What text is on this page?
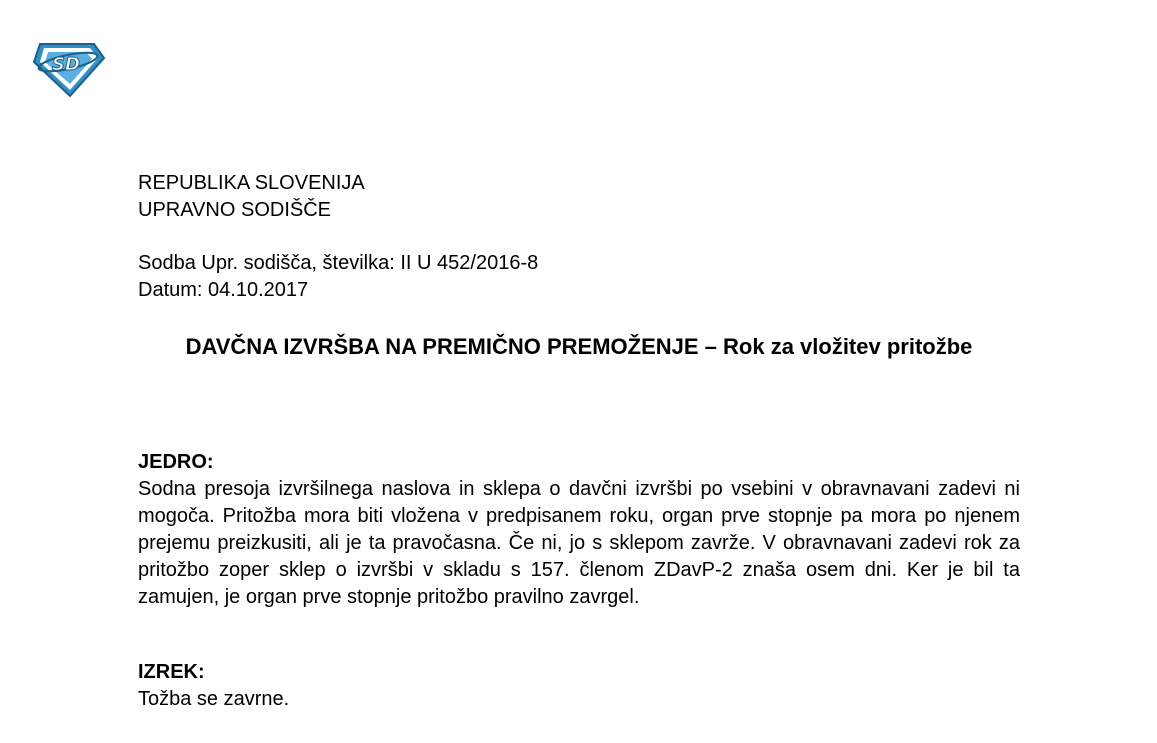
SD
REPUBLIKA SLOVENIJA
UPRAVNO SODIŠČE
Sodba Upr. sodišča, številka: II U 452/2016-8
Datum: 04.10.2017
DAVČNA IZVRŠBA NA PREMIČNO PREMOŽENJE – Rok za vložitev pritožbe
JEDRO:

Sodna presoja izvršilnega naslova in sklepa o davčni izvršbi po vsebini v obravnavani zadevi ni mogoča. Pritožba mora biti vložena v predpisanem roku, organ prve stopnje pa mora po njenem prejemu preizkusiti, ali je ta pravočasna. Če ni, jo s sklepom zavrže. V obravnavani zadevi rok za pritožbo zoper sklep o izvršbi v skladu s 157. členom ZDavP-2 znaša osem dni. Ker je bil ta zamujen, je organ prve stopnje pritožbo pravilno zavrgel.

IZREK:

Tožba se zavrne.
